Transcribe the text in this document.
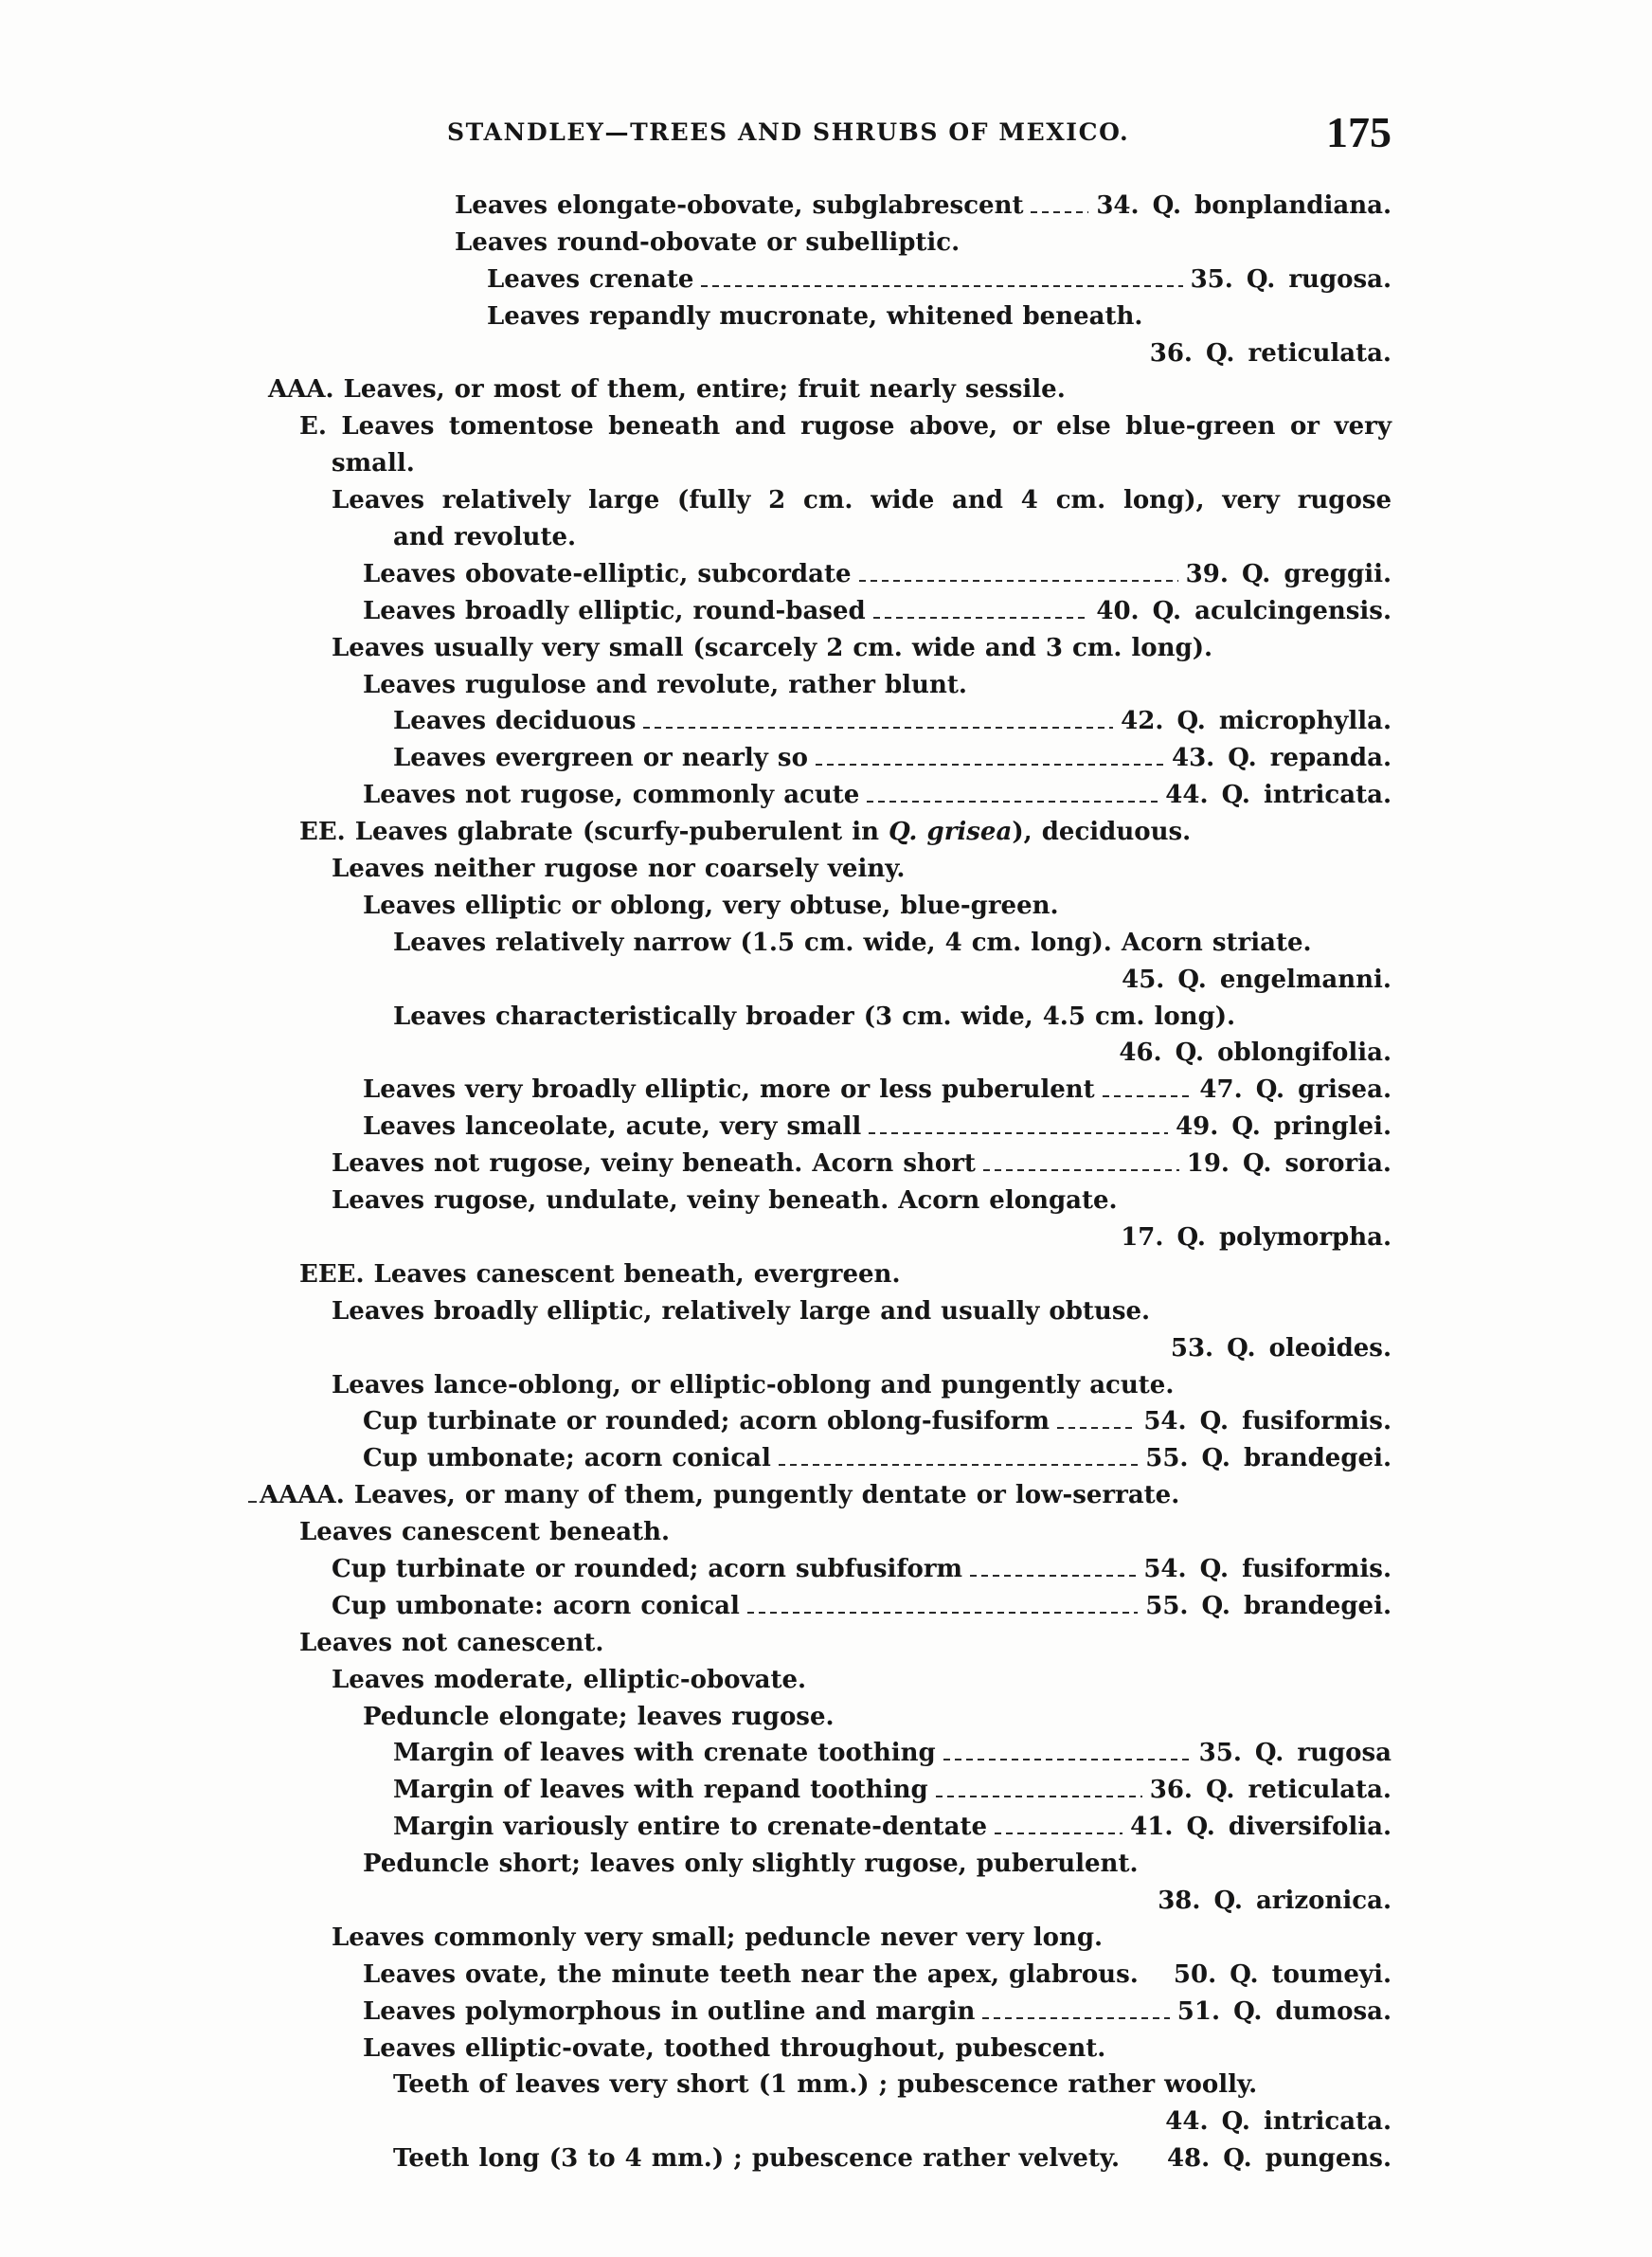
STANDLEY—TREES AND SHRUBS OF MEXICO.	175
Leaves elongate-obovate, subglabrescent	34. Q. bonplandiana.
Leaves round-obovate or subelliptic.
Leaves crenate	35. Q. rugosa.
Leaves repandly mucronate, whitened beneath.
36. Q. reticulata.
AAA. Leaves, or most of them, entire; fruit nearly sessile.
E. Leaves tomentose beneath and rugose above, or else blue-green or very
small.
Leaves relatively large (fully 2 cm. wide and 4 cm. long), very rugose
and revolute.
Leaves obovate-elliptic, subcordate	39. Q. greggii.
Leaves broadly elliptic, round-based	40. Q. aculcingensis.
Leaves usually very small (scarcely 2 cm. wide and 3 cm. long).
Leaves rugulose and revolute, rather blunt.
Leaves deciduous	42. Q. microphylla.
Leaves evergreen or nearly so	43. Q. repanda.
Leaves not rugose, commonly acute	44. Q. intricata.
EE. Leaves glabrate (scurfy-puberulent in Q. grisea), deciduous.
Leaves neither rugose nor coarsely veiny.
Leaves elliptic or oblong, very obtuse, blue-green.
Leaves relatively narrow (1.5 cm. wide, 4 cm. long). Acorn striate.
45. Q. engelmanni.
Leaves characteristically broader (3 cm. wide, 4.5 cm. long).
46. Q. oblongifolia.
Leaves very broadly elliptic, more or less puberulent	47. Q. grisea.
Leaves lanceolate, acute, very small	49. Q. pringlei.
Leaves not rugose, veiny beneath. Acorn short	19. Q. sororia.
Leaves rugose, undulate, veiny beneath. Acorn elongate.
17. Q. polymorpha.
EEE. Leaves canescent beneath, evergreen.
Leaves broadly elliptic, relatively large and usually obtuse.
53. Q. oleoides.
Leaves lance-oblong, or elliptic-oblong and pungently acute.
Cup turbinate or rounded; acorn oblong-fusiform	54. Q. fusiformis.
Cup umbonate; acorn conical	55. Q. brandegei.
AAAA. Leaves, or many of them, pungently dentate or low-serrate.
Leaves canescent beneath.
Cup turbinate or rounded; acorn subfusiform	54. Q. fusiformis.
Cup umbonate: acorn conical	55. Q. brandegei.
Leaves not canescent.
Leaves moderate, elliptic-obovate.
Peduncle elongate; leaves rugose.
Margin of leaves with crenate toothing	35. Q. rugosa
Margin of leaves with repand toothing	36. Q. reticulata.
Margin variously entire to crenate-dentate	41. Q. diversifolia.
Peduncle short; leaves only slightly rugose, puberulent.
38. Q. arizonica.
Leaves commonly very small; peduncle never very long.
Leaves ovate, the minute teeth near the apex, glabrous. 50. Q. toumeyi.
Leaves polymorphous in outline and margin	51. Q. dumosa.
Leaves elliptic-ovate, toothed throughout, pubescent.
Teeth of leaves very short (1 mm.) ; pubescence rather woolly.
44. Q. intricata.
Teeth long (3 to 4 mm.) ; pubescence rather velvety. 48. Q. pungens.
